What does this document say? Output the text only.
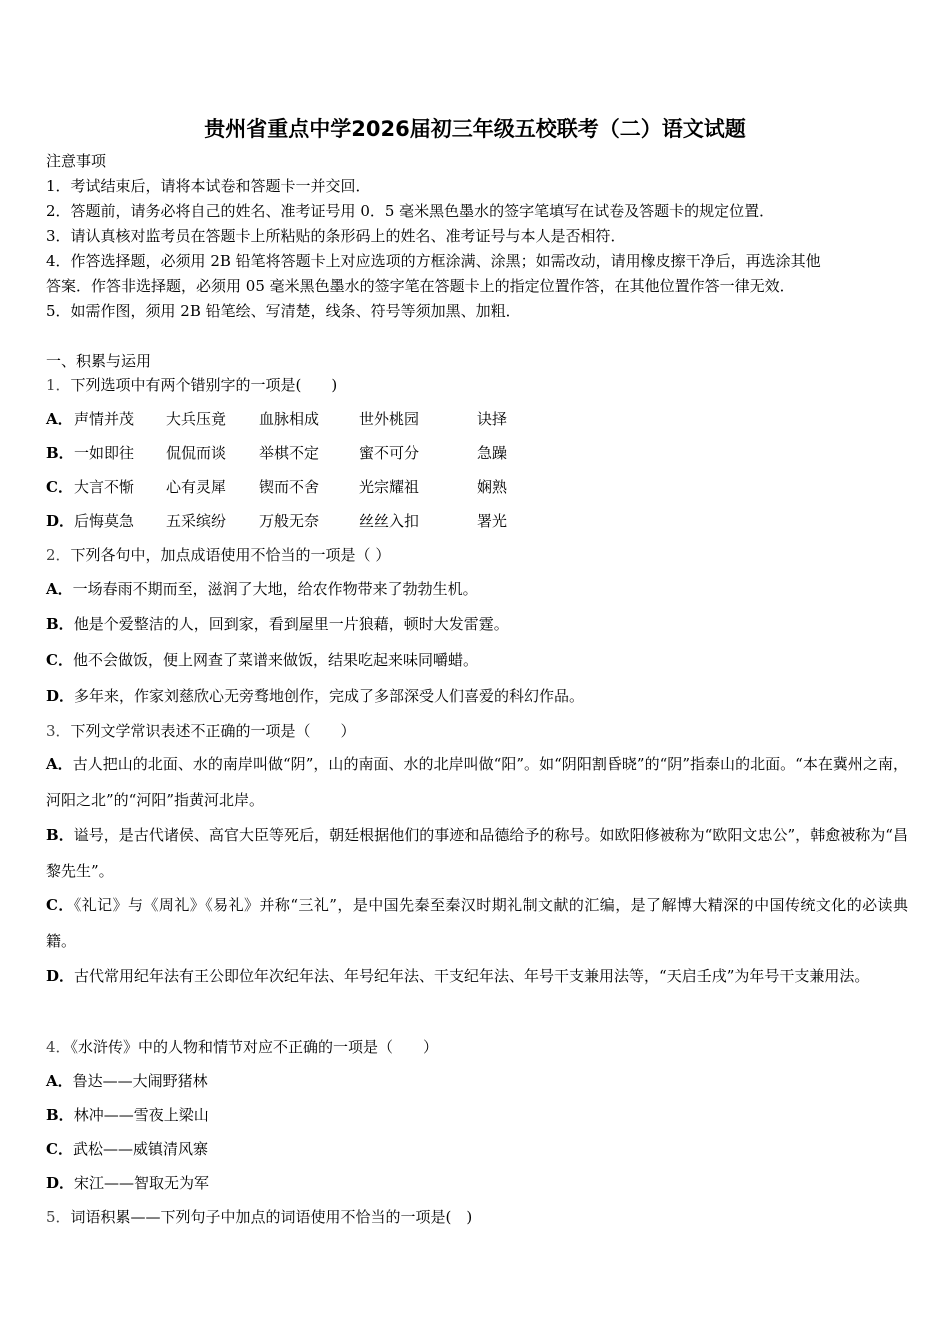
贵州省重点中学2026届初三年级五校联考（二）语文试题
注意事项
1．考试结束后，请将本试卷和答题卡一并交回．
2．答题前，请务必将自己的姓名、准考证号用 0．5 毫米黑色墨水的签字笔填写在试卷及答题卡的规定位置．
3．请认真核对监考员在答题卡上所粘贴的条形码上的姓名、准考证号与本人是否相符．
4．作答选择题，必须用 2B 铅笔将答题卡上对应选项的方框涂满、涂黑；如需改动，请用橡皮擦干净后，再选涂其他
答案．作答非选择题，必须用 05 毫米黑色墨水的签字笔在答题卡上的指定位置作答，在其他位置作答一律无效．
5．如需作图，须用 2B 铅笔绘、写清楚，线条、符号等须加黑、加粗．
一、积累与运用
1．下列选项中有两个错别字的一项是(　　)
A． 声情并茂 大兵压竟 血脉相成	世外桃园	诀择
B． 一如即往 侃侃而谈 举棋不定	蜜不可分	急躁
C． 大言不惭 心有灵犀 锲而不舍	光宗耀祖	娴熟
D． 后悔莫急 五采缤纷 万般无奈	丝丝入扣	署光
2．下列各句中，加点成语使用不恰当的一项是（ ）
A．一场春雨不期而至，滋润了大地，给农作物带来了勃勃生机。
B．他是个爱整洁的人，回到家，看到屋里一片狼藉，顿时大发雷霆。
C．他不会做饭，便上网查了菜谱来做饭，结果吃起来味同嚼蜡。
D．多年来，作家刘慈欣心无旁骛地创作，完成了多部深受人们喜爱的科幻作品。
3．下列文学常识表述不正确的一项是（　　）
A．古人把山的北面、水的南岸叫做“阴”，山的南面、水的北岸叫做“阳”。如“阴阳割昏晓”的“阴”指泰山的北面。“本在冀州之南，河阳之北”的“河阳”指黄河北岸。
B．谥号，是古代诸侯、高官大臣等死后，朝廷根据他们的事迹和品德给予的称号。如欧阳修被称为“欧阳文忠公”，韩愈被称为“昌黎先生”。
C．《礼记》与《周礼》《易礼》并称“三礼”，是中国先秦至秦汉时期礼制文献的汇编，是了解博大精深的中国传统文化的必读典籍。
D．古代常用纪年法有王公即位年次纪年法、年号纪年法、干支纪年法、年号干支兼用法等，“天启壬戌”为年号干支兼用法。
4．《水浒传》中的人物和情节对应不正确的一项是（　　）
A．鲁达——大闹野猪林
B．林冲——雪夜上梁山
C．武松——威镇清风寨
D．宋江——智取无为军
5．词语积累——下列句子中加点的词语使用不恰当的一项是(　)
